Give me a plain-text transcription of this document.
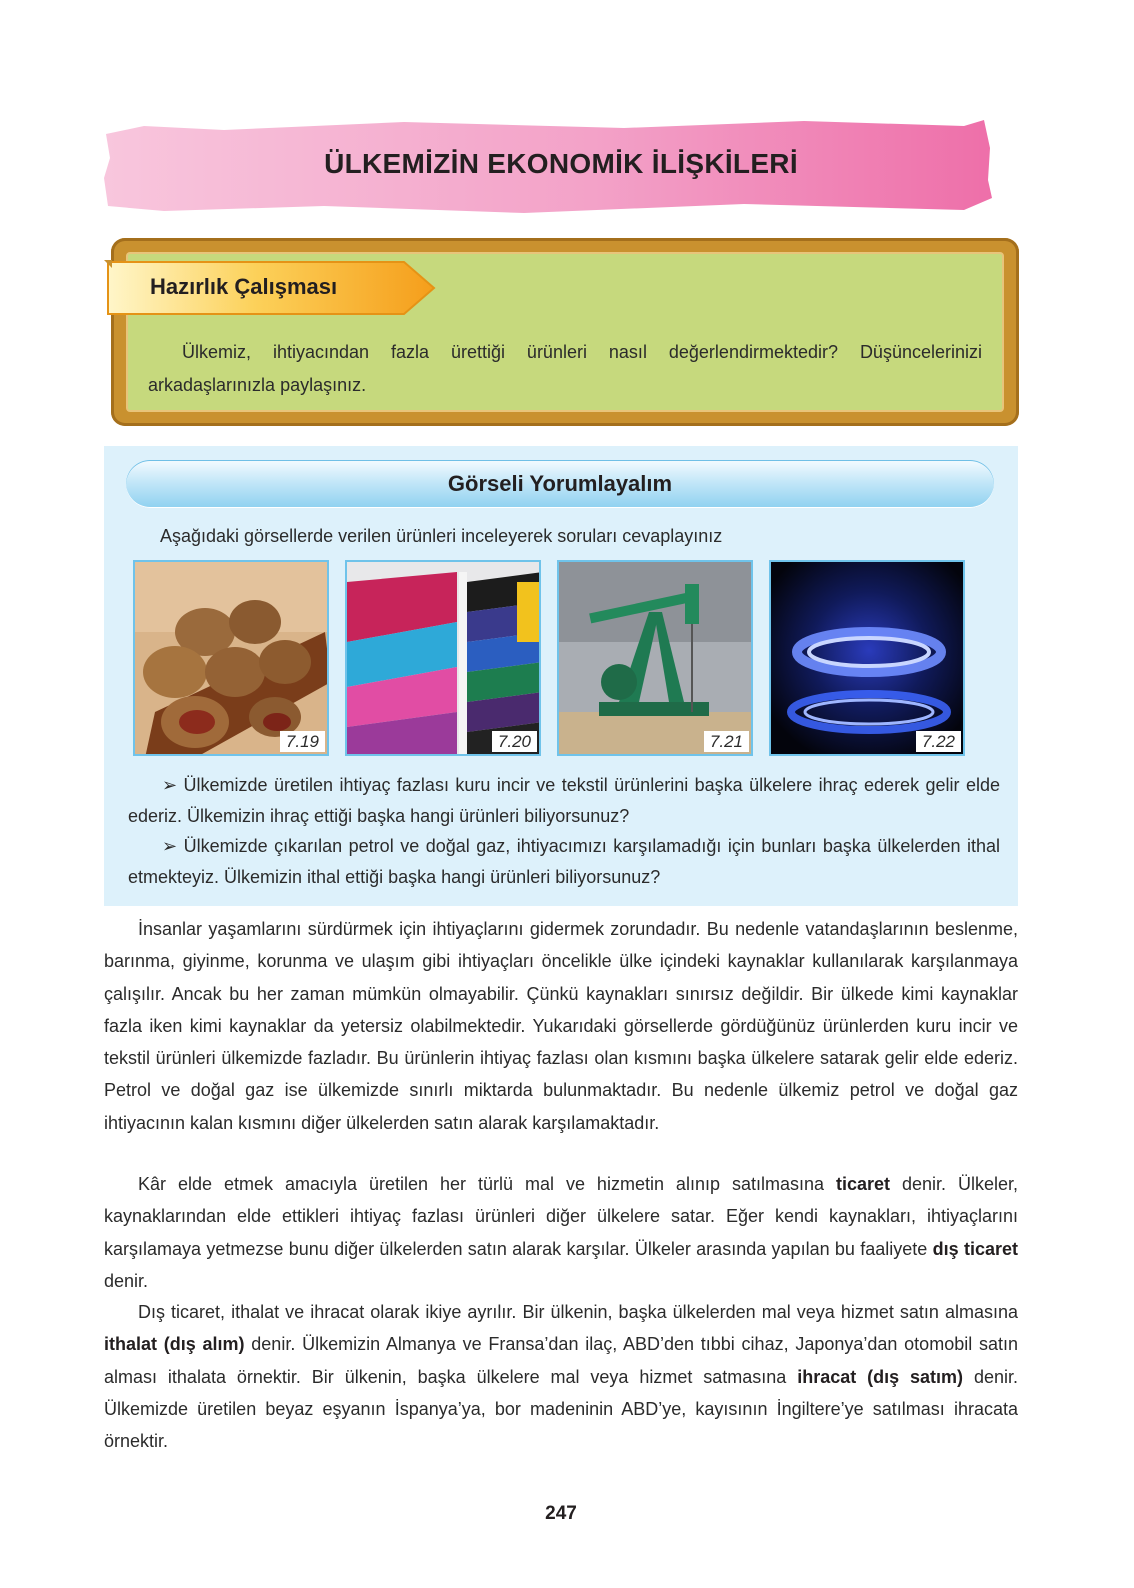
ÜLKEMİZİN EKONOMİK İLİŞKİLERİ
Hazırlık Çalışması
Ülkemiz, ihtiyacından fazla ürettiği ürünleri nasıl değerlendirmektedir? Düşüncelerinizi arkadaşlarınızla paylaşınız.
Görseli Yorumlayalım
Aşağıdaki görsellerde verilen ürünleri inceleyerek soruları cevaplayınız
7.19	7.20	7.21	7.22
➢ Ülkemizde üretilen ihtiyaç fazlası kuru incir ve tekstil ürünlerini başka ülkelere ihraç ederek gelir elde ederiz. Ülkemizin ihraç ettiği başka hangi ürünleri biliyorsunuz?
➢ Ülkemizde çıkarılan petrol ve doğal gaz, ihtiyacımızı karşılamadığı için bunları başka ülkelerden ithal etmekteyiz. Ülkemizin ithal ettiği başka hangi ürünleri biliyorsunuz?
İnsanlar yaşamlarını sürdürmek için ihtiyaçlarını gidermek zorundadır. Bu nedenle vatandaşlarının beslenme, barınma, giyinme, korunma ve ulaşım gibi ihtiyaçları öncelikle ülke içindeki kaynaklar kullanılarak karşılanmaya çalışılır. Ancak bu her zaman mümkün olmayabilir. Çünkü kaynakları sınırsız değildir. Bir ülkede kimi kaynaklar fazla iken kimi kaynaklar da yetersiz olabilmektedir. Yukarıdaki görsellerde gördüğünüz ürünlerden kuru incir ve tekstil ürünleri ülkemizde fazladır. Bu ürünlerin ihtiyaç fazlası olan kısmını başka ülkelere satarak gelir elde ederiz. Petrol ve doğal gaz ise ülkemizde sınırlı miktarda bulunmaktadır. Bu nedenle ülkemiz petrol ve doğal gaz ihtiyacının kalan kısmını diğer ülkelerden satın alarak karşılamaktadır.
Kâr elde etmek amacıyla üretilen her türlü mal ve hizmetin alınıp satılmasına ticaret denir. Ülkeler, kaynaklarından elde ettikleri ihtiyaç fazlası ürünleri diğer ülkelere satar. Eğer kendi kaynakları, ihtiyaçlarını karşılamaya yetmezse bunu diğer ülkelerden satın alarak karşılar. Ülkeler arasında yapılan bu faaliyete dış ticaret denir.
Dış ticaret, ithalat ve ihracat olarak ikiye ayrılır. Bir ülkenin, başka ülkelerden mal veya hizmet satın almasına ithalat (dış alım) denir. Ülkemizin Almanya ve Fransa’dan ilaç, ABD’den tıbbi cihaz, Japonya’dan otomobil satın alması ithalata örnektir. Bir ülkenin, başka ülkelere mal veya hizmet satmasına ihracat (dış satım) denir. Ülkemizde üretilen beyaz eşyanın İspanya’ya, bor madeninin ABD’ye, kayısının İngiltere’ye satılması ihracata örnektir.
247
